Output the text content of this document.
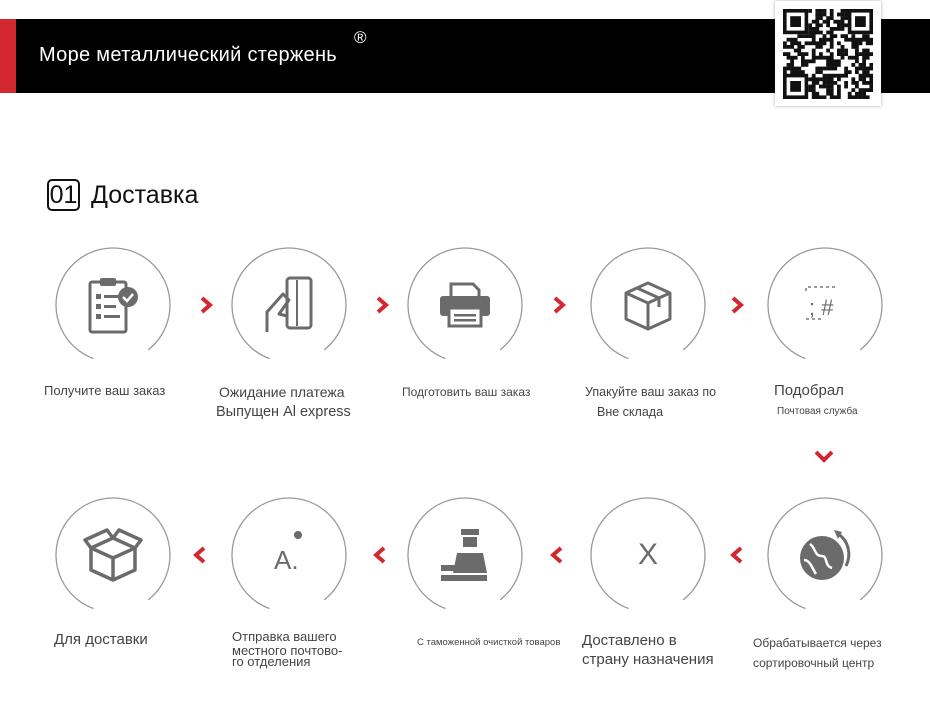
Море металлический стержень
®
01 Доставка
; #
Получите ваш заказ	Ожидание платежа
Выпущен Al express
Подготовить ваш заказ	Упакуйте ваш заказ по
Вне склада
Подобрал
Почтовая служба
A.	X
Для доставки	Отправка вашего
местного почтово-
го отделения
С таможенной очисткой товаров Доставлено в
страну назначения
Обрабатывается через
сортировочный центр
